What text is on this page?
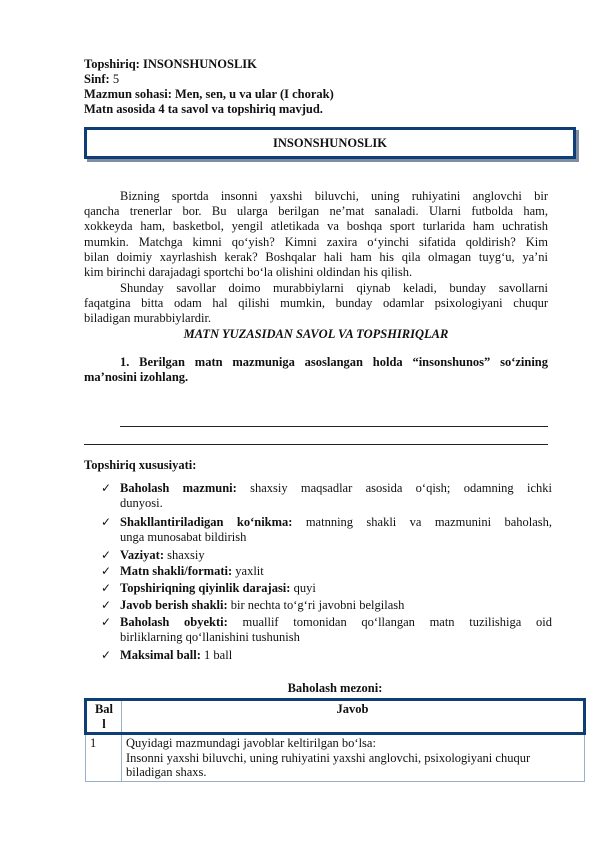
Topshiriq: INSONSHUNOSLIK
Sinf: 5
Mazmun sohasi: Men, sen, u va ular (I chorak)
Matn asosida 4 ta savol va topshiriq mavjud.
INSONSHUNOSLIK
Bizning sportda insonni yaxshi biluvchi, uning ruhiyatini anglovchi bir
qancha trenerlar bor. Bu ularga berilgan ne’mat sanaladi. Ularni futbolda ham,
xokkeyda ham, basketbol, yengil atletikada va boshqa sport turlarida ham uchratish
mumkin. Matchga kimni qo‘yish? Kimni zaxira o‘yinchi sifatida qoldirish? Kim
bilan doimiy xayrlashish kerak? Boshqalar hali ham his qila olmagan tuyg‘u, ya’ni
kim birinchi darajadagi sportchi bo‘la olishini oldindan his qilish.
Shunday savollar doimo murabbiylarni qiynab keladi, bunday savollarni
faqatgina bitta odam hal qilishi mumkin, bunday odamlar psixologiyani chuqur
biladigan murabbiylardir.
MATN YUZASIDAN SAVOL VA TOPSHIRIQLAR
1. Berilgan matn mazmuniga asoslangan holda “insonshunos” so‘zining
ma’nosini izohlang.
Topshiriq xususiyati:
✓ Baholash mazmuni: shaxsiy maqsadlar asosida o‘qish; odamning ichki
dunyosi.
✓ Shakllantiriladigan ko‘nikma: matnning shakli va mazmunini baholash,
unga munosabat bildirish
✓ Vaziyat: shaxsiy
✓ Matn shakli/formati: yaxlit
✓ Topshiriqning qiyinlik darajasi: quyi
✓ Javob berish shakli: bir nechta to‘g‘ri javobni belgilash
✓ Baholash obyekti: muallif tomonidan qo‘llangan matn tuzilishiga oid
birliklarning qo‘llanishini tushunish
✓ Maksimal ball: 1 ball
Baholash mezoni:
Bal
l	Javob
1	Quyidagi mazmundagi javoblar keltirilgan bo‘lsa:
Insonni yaxshi biluvchi, uning ruhiyatini yaxshi anglovchi, psixologiyani chuqur
biladigan shaxs.
